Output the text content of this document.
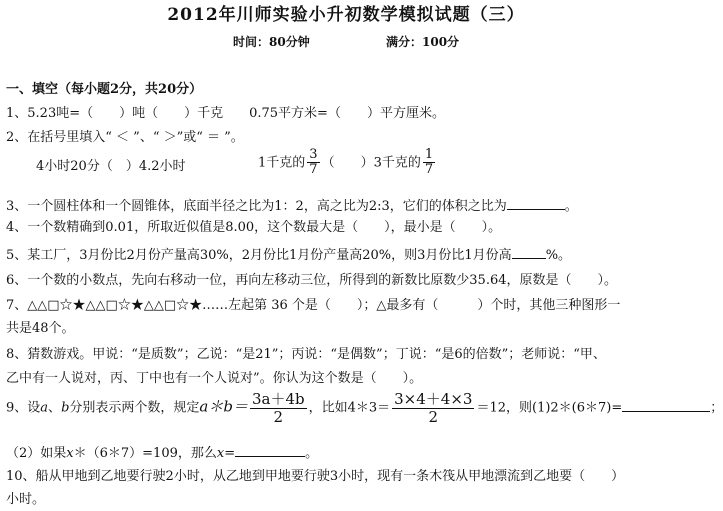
2012年川师实验小升初数学模拟试题（三）
时间：80分钟	满分：100分
一、填空（每小题2分，共20分）
1、5.23吨=（　　）吨（　　）千克　　0.75平方米=（　　）平方厘米。
2、在括号里填入“ ＜ ”、“ ＞”或“ ＝ ”。
4小时20分（　）4.2小时	1千克的 $\frac{3}{7}$ （　　）3千克的 $\frac{1}{7}$
3、一个圆柱体和一个圆锥体，底面半径之比为1：2，高之比为2:3，它们的体积之比为	。
4、一个数精确到0.01，所取近似值是8.00，这个数最大是（　　），最小是（　　）。
5、某工厂，3月份比2月份产量高30%，2月份比1月份产量高20%，则3月份比1月份高	%。
6、一个数的小数点，先向右移动一位，再向左移动三位，所得到的新数比原数少35.64，原数是（　　）。
7、△△□☆★△△□☆★△△□☆★……左起第 36 个是（　　）；△最多有（　　　）个时，其他三种图形一
共是48个。
8、猜数游戏。甲说：“是质数”；乙说：“是21”；丙说：“是偶数”；丁说：“是6的倍数”；老师说：“甲、
乙中有一人说对，丙、丁中也有一个人说对”。你认为这个数是（　　）。
9、设a、b分别表示两个数，规定a＊b＝ $\frac{3a+4b}{2}$ ，比如4＊3＝ $\frac{3\times 4+4\times 3}{2} =12$，则(1)2＊(6＊7)=	；
（2）如果x＊（6＊7）=109，那么x=	。
10、船从甲地到乙地要行驶2小时，从乙地到甲地要行驶3小时，现有一条木筏从甲地漂流到乙地要（　　）
小时。
